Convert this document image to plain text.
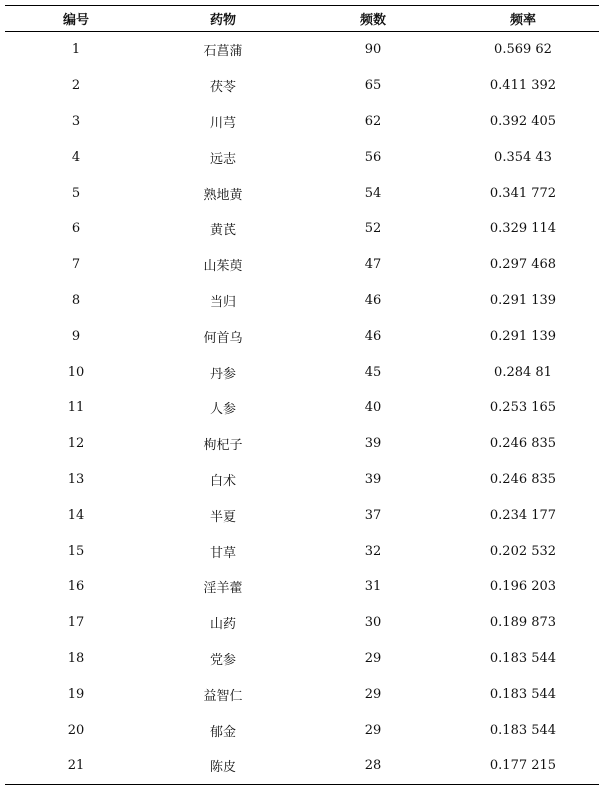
编号	药物	频数	频率
1	石菖蒲	90	0.569 62
2	茯苓	65	0.411 392
3	川芎	62	0.392 405
4	远志	56	0.354 43
5	熟地黄	54	0.341 772
6	黄芪	52	0.329 114
7	山茱萸	47	0.297 468
8	当归	46	0.291 139
9	何首乌	46	0.291 139
10	丹参	45	0.284 81
11	人参	40	0.253 165
12	枸杞子	39	0.246 835
13	白术	39	0.246 835
14	半夏	37	0.234 177
15	甘草	32	0.202 532
16	淫羊藿	31	0.196 203
17	山药	30	0.189 873
18	党参	29	0.183 544
19	益智仁	29	0.183 544
20	郁金	29	0.183 544
21	陈皮	28	0.177 215
